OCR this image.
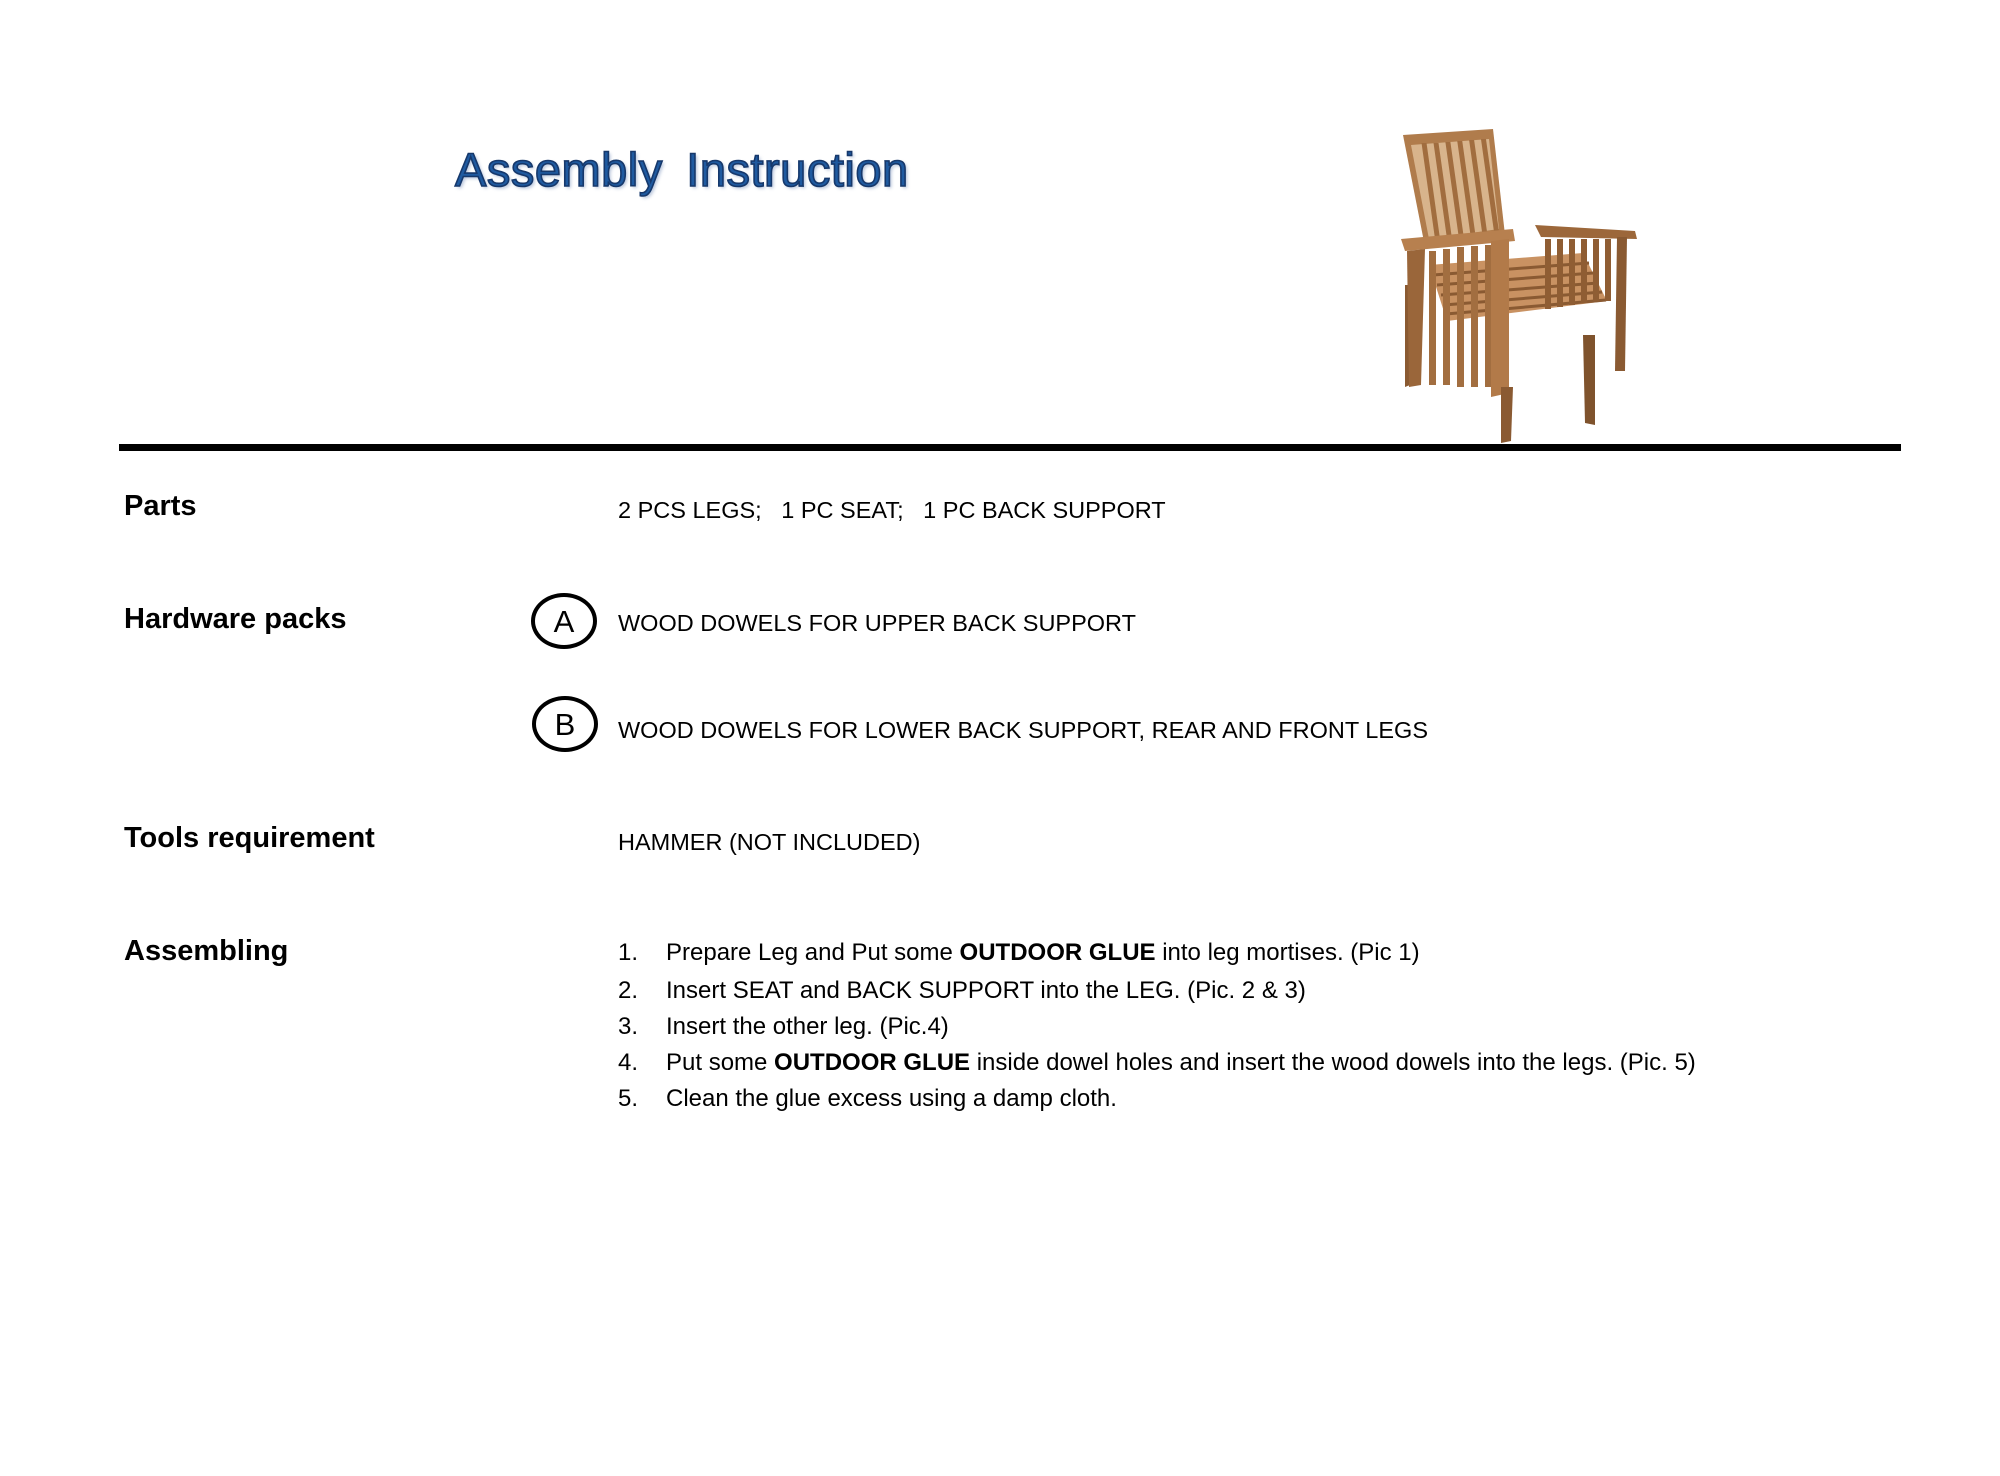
Assembly Instruction
Parts	2 PCS LEGS;   1 PC SEAT;   1 PC BACK SUPPORT
Hardware packs	A	WOOD DOWELS FOR UPPER BACK SUPPORT
B	WOOD DOWELS FOR LOWER BACK SUPPORT, REAR AND FRONT LEGS
Tools requirement	HAMMER (NOT INCLUDED)
Assembling	1.	Prepare Leg and Put some OUTDOOR GLUE into leg mortises. (Pic 1)
2.	Insert SEAT and BACK SUPPORT into the LEG. (Pic. 2 & 3)
3.	Insert the other leg. (Pic.4)
4.	Put some OUTDOOR GLUE inside dowel holes and insert the wood dowels into the legs. (Pic. 5)
5.	Clean the glue excess using a damp cloth.
